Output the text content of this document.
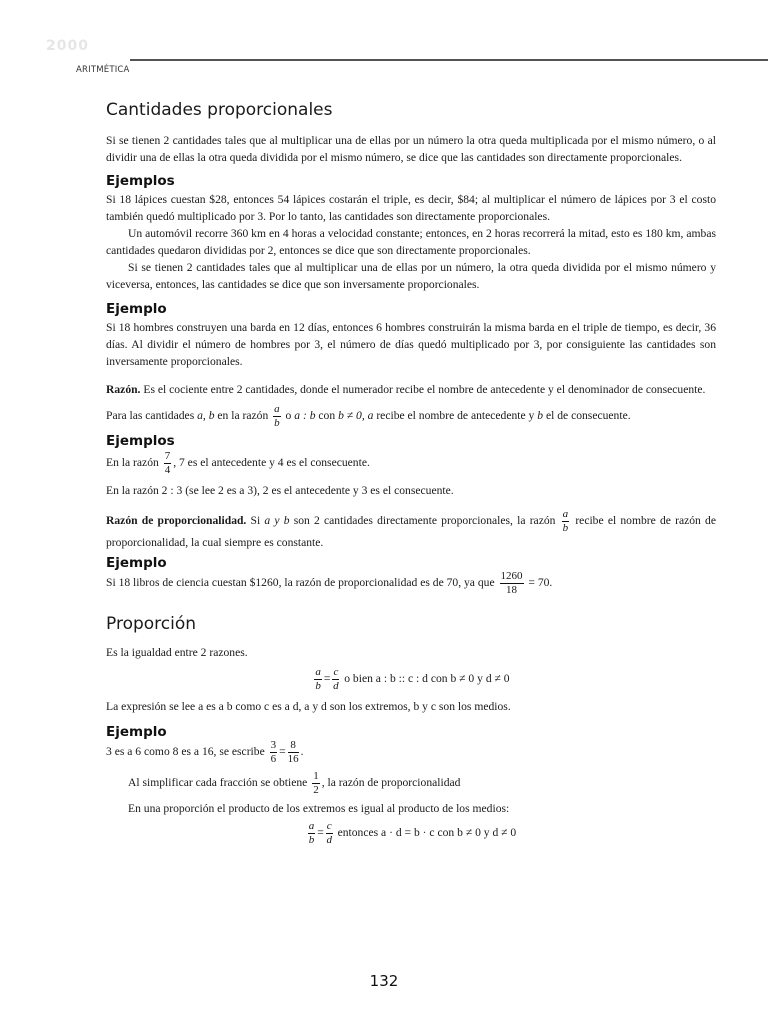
2000
ARITMÉTICA
Cantidades proporcionales

Si se tienen 2 cantidades tales que al multiplicar una de ellas por un número la otra queda multiplicada por el mismo número, o al dividir una de ellas la otra queda dividida por el mismo número, se dice que las cantidades son directamente proporcionales.

Ejemplos

Si 18 lápices cuestan $28, entonces 54 lápices costarán el triple, es decir, $84; al multiplicar el número de lápices por 3 el costo también quedó multiplicado por 3. Por lo tanto, las cantidades son directamente proporcionales.

Un automóvil recorre 360 km en 4 horas a velocidad constante; entonces, en 2 horas recorrerá la mitad, esto es 180 km, ambas cantidades quedaron divididas por 2, entonces se dice que son directamente proporcionales.

Si se tienen 2 cantidades tales que al multiplicar una de ellas por un número, la otra queda dividida por el mismo número y viceversa, entonces, las cantidades se dice que son inversamente proporcionales.

Ejemplo

Si 18 hombres construyen una barda en 12 días, entonces 6 hombres construirán la misma barda en el triple de tiempo, es decir, 36 días. Al dividir el número de hombres por 3, el número de días quedó multiplicado por 3, por consiguiente las cantidades son inversamente proporcionales.

Razón. Es el cociente entre 2 cantidades, donde el numerador recibe el nombre de antecedente y el denominador de consecuente.

Para las cantidades a, b en la razón $\frac{a}{b}$ o a : b con b ≠ 0, a recibe el nombre de antecedente y b el de consecuente.

Ejemplos

En la razón $\frac{7}{4}$ , 7 es el antecedente y 4 es el consecuente.

En la razón 2 : 3 (se lee 2 es a 3), 2 es el antecedente y 3 es el consecuente.

Razón de proporcionalidad. Si a y b son 2 cantidades directamente proporcionales, la razón $\frac{a}{b}$ recibe el nombre de razón de proporcionalidad, la cual siempre es constante.

Ejemplo

Si 18 libros de ciencia cuestan $1260, la razón de proporcionalidad es de 70, ya que $\frac{1260}{18} = 70$.

Proporción

Es la igualdad entre 2 razones.

$\frac{a}{b} = \frac{c}{d}$ o bien a : b :: c : d con b ≠ 0 y d ≠ 0

La expresión se lee a es a b como c es a d, a y d son los extremos, b y c son los medios.

Ejemplo

3 es a 6 como 8 es a 16, se escribe $\frac{3}{6} = \frac{8}{16}$ .

Al simplificar cada fracción se obtiene $\frac{1}{2}$ , la razón de proporcionalidad

En una proporción el producto de los extremos es igual al producto de los medios:

$\frac{a}{b} = \frac{c}{d}$ entonces a · d = b · c con b ≠ 0 y d ≠ 0

132
